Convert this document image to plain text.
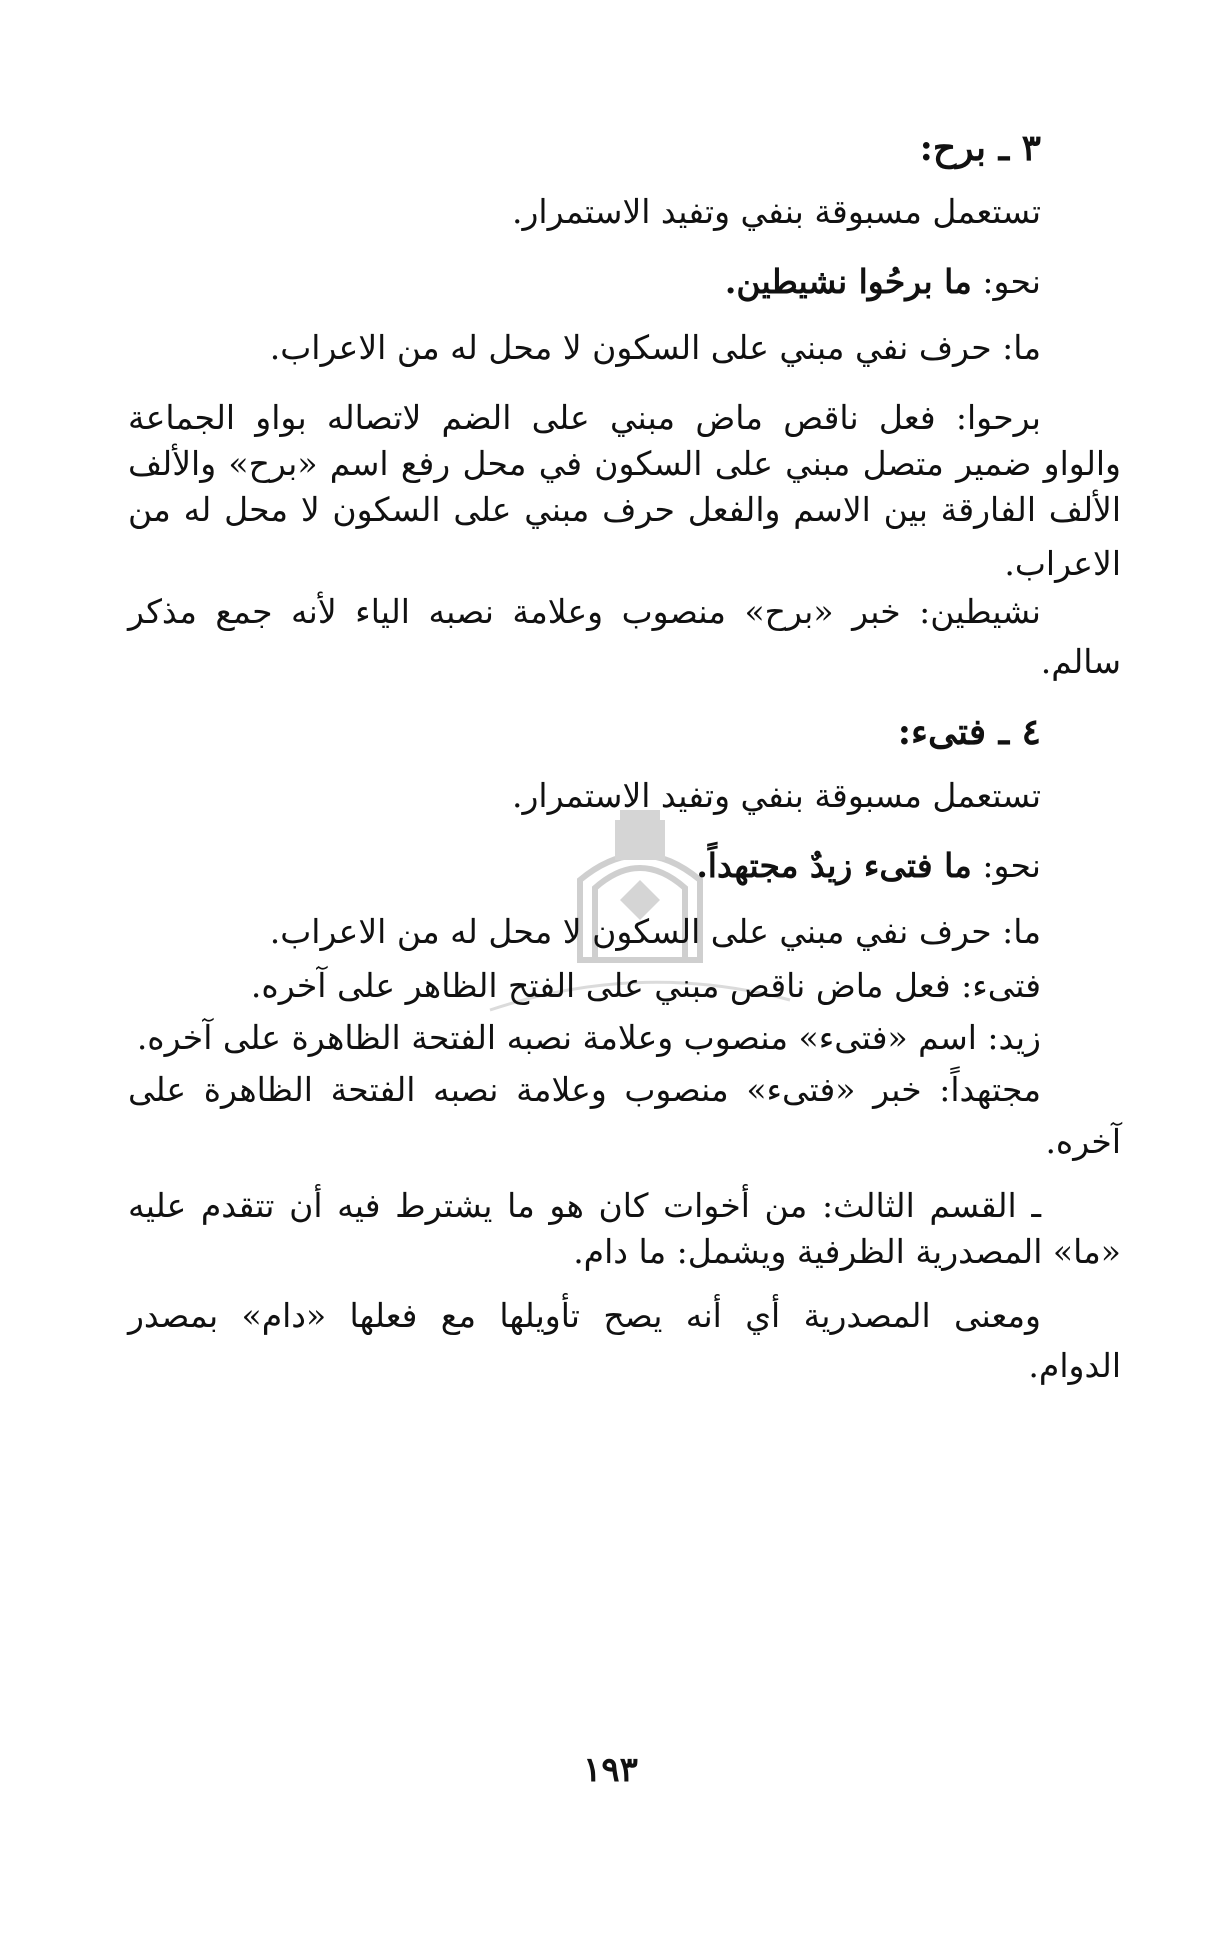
٣ ـ برح:
تستعمل مسبوقة بنفي وتفيد الاستمرار.
نحو: ما برحُوا نشيطين.
ما: حرف نفي مبني على السكون لا محل له من الاعراب.
برحوا: فعل ناقص ماض مبني على الضم لاتصاله بواو الجماعة
والواو ضمير متصل مبني على السكون في محل رفع اسم «برح» والألف
الألف الفارقة بين الاسم والفعل حرف مبني على السكون لا محل له من
الاعراب.
نشيطين: خبر «برح» منصوب وعلامة نصبه الياء لأنه جمع مذكر
سالم.
٤ ـ فتىء:
تستعمل مسبوقة بنفي وتفيد الاستمرار.
نحو: ما فتىء زيدٌ مجتهداً.
ما: حرف نفي مبني على السكون لا محل له من الاعراب.
فتىء: فعل ماض ناقص مبني على الفتح الظاهر على آخره.
زيد: اسم «فتىء» منصوب وعلامة نصبه الفتحة الظاهرة على آخره.
مجتهداً: خبر «فتىء» منصوب وعلامة نصبه الفتحة الظاهرة على
آخره.
ـ القسم الثالث: من أخوات كان هو ما يشترط فيه أن تتقدم عليه
«ما» المصدرية الظرفية ويشمل: ما دام.
ومعنى المصدرية أي أنه يصح تأويلها مع فعلها «دام» بمصدر
الدوام.
١٩٣
